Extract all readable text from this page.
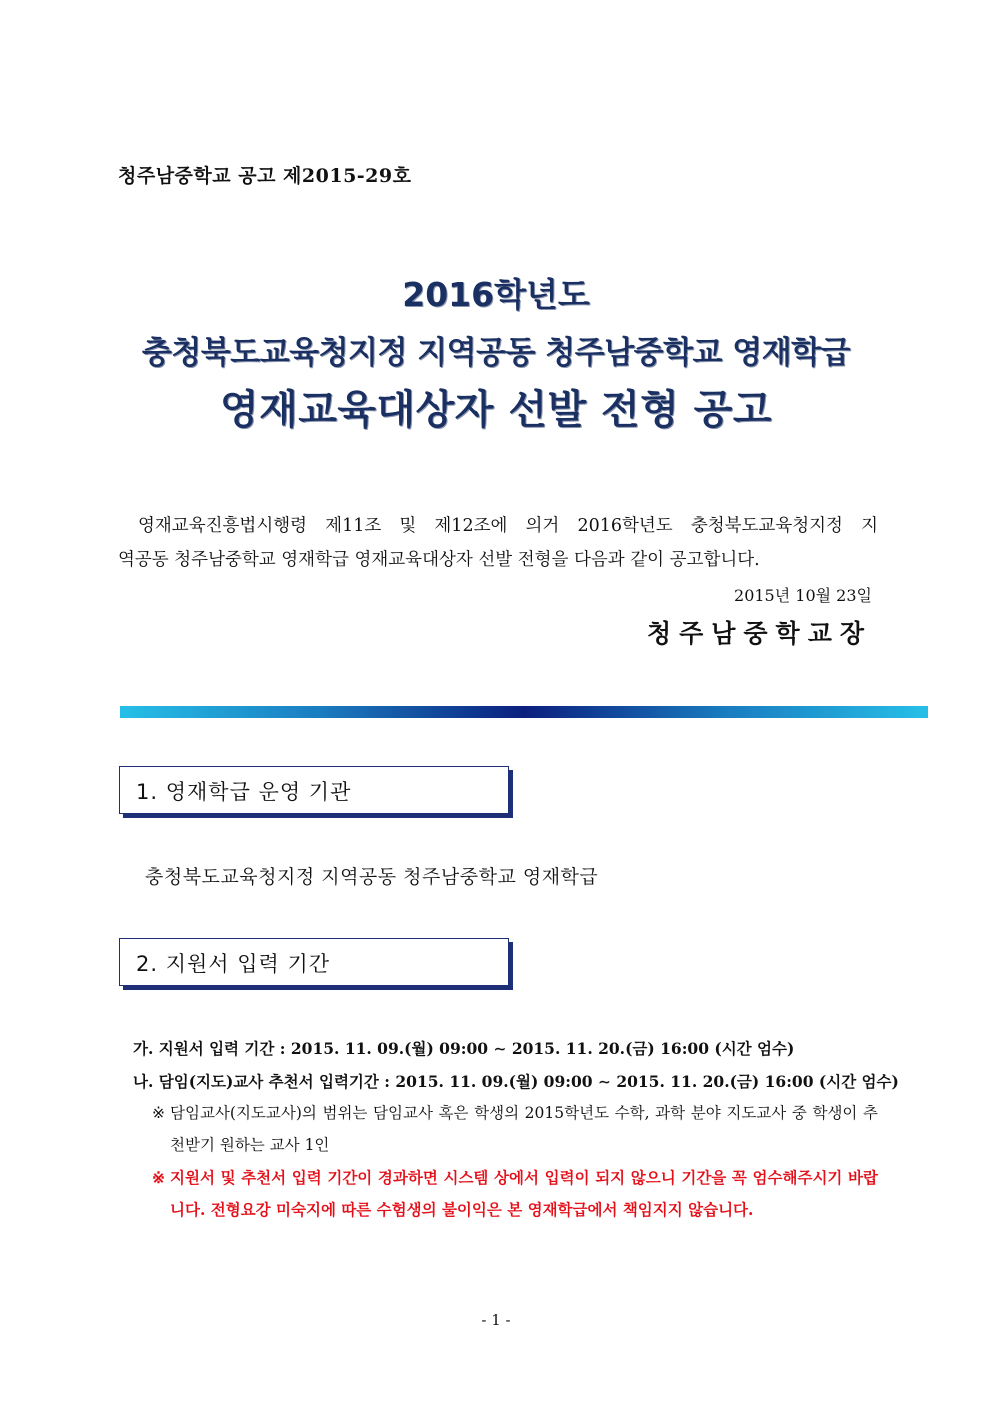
청주남중학교 공고 제2015-29호
2016학년도
충청북도교육청지정 지역공동 청주남중학교 영재학급
영재교육대상자 선발 전형 공고

영재교육진흥법시행령 제11조 및 제12조에 의거 2016학년도 충청북도교육청지정 지

역공동 청주남중학교 영재학급 영재교육대상자 선발 전형을 다음과 같이 공고합니다.

2015년 10월 23일
청주남중학교장
1. 영재학급 운영 기관
충청북도교육청지정 지역공동 청주남중학교 영재학급
2. 지원서 입력 기간
가. 지원서 입력 기간 : 2015. 11. 09.(월) 09:00 ∼ 2015. 11. 20.(금) 16:00 (시간 엄수)
나. 담임(지도)교사 추천서 입력기간 : 2015. 11. 09.(월) 09:00 ∼ 2015. 11. 20.(금) 16:00 (시간 엄수)
※ 담임교사(지도교사)의 범위는 담임교사 혹은 학생의 2015학년도 수학, 과학 분야 지도교사 중 학생이 추천받기 원하는 교사 1인
※ 지원서 및 추천서 입력 기간이 경과하면 시스템 상에서 입력이 되지 않으니 기간을 꼭 엄수해주시기 바랍니다. 전형요강 미숙지에 따른 수험생의 불이익은 본 영재학급에서 책임지지 않습니다.
- 1 -
